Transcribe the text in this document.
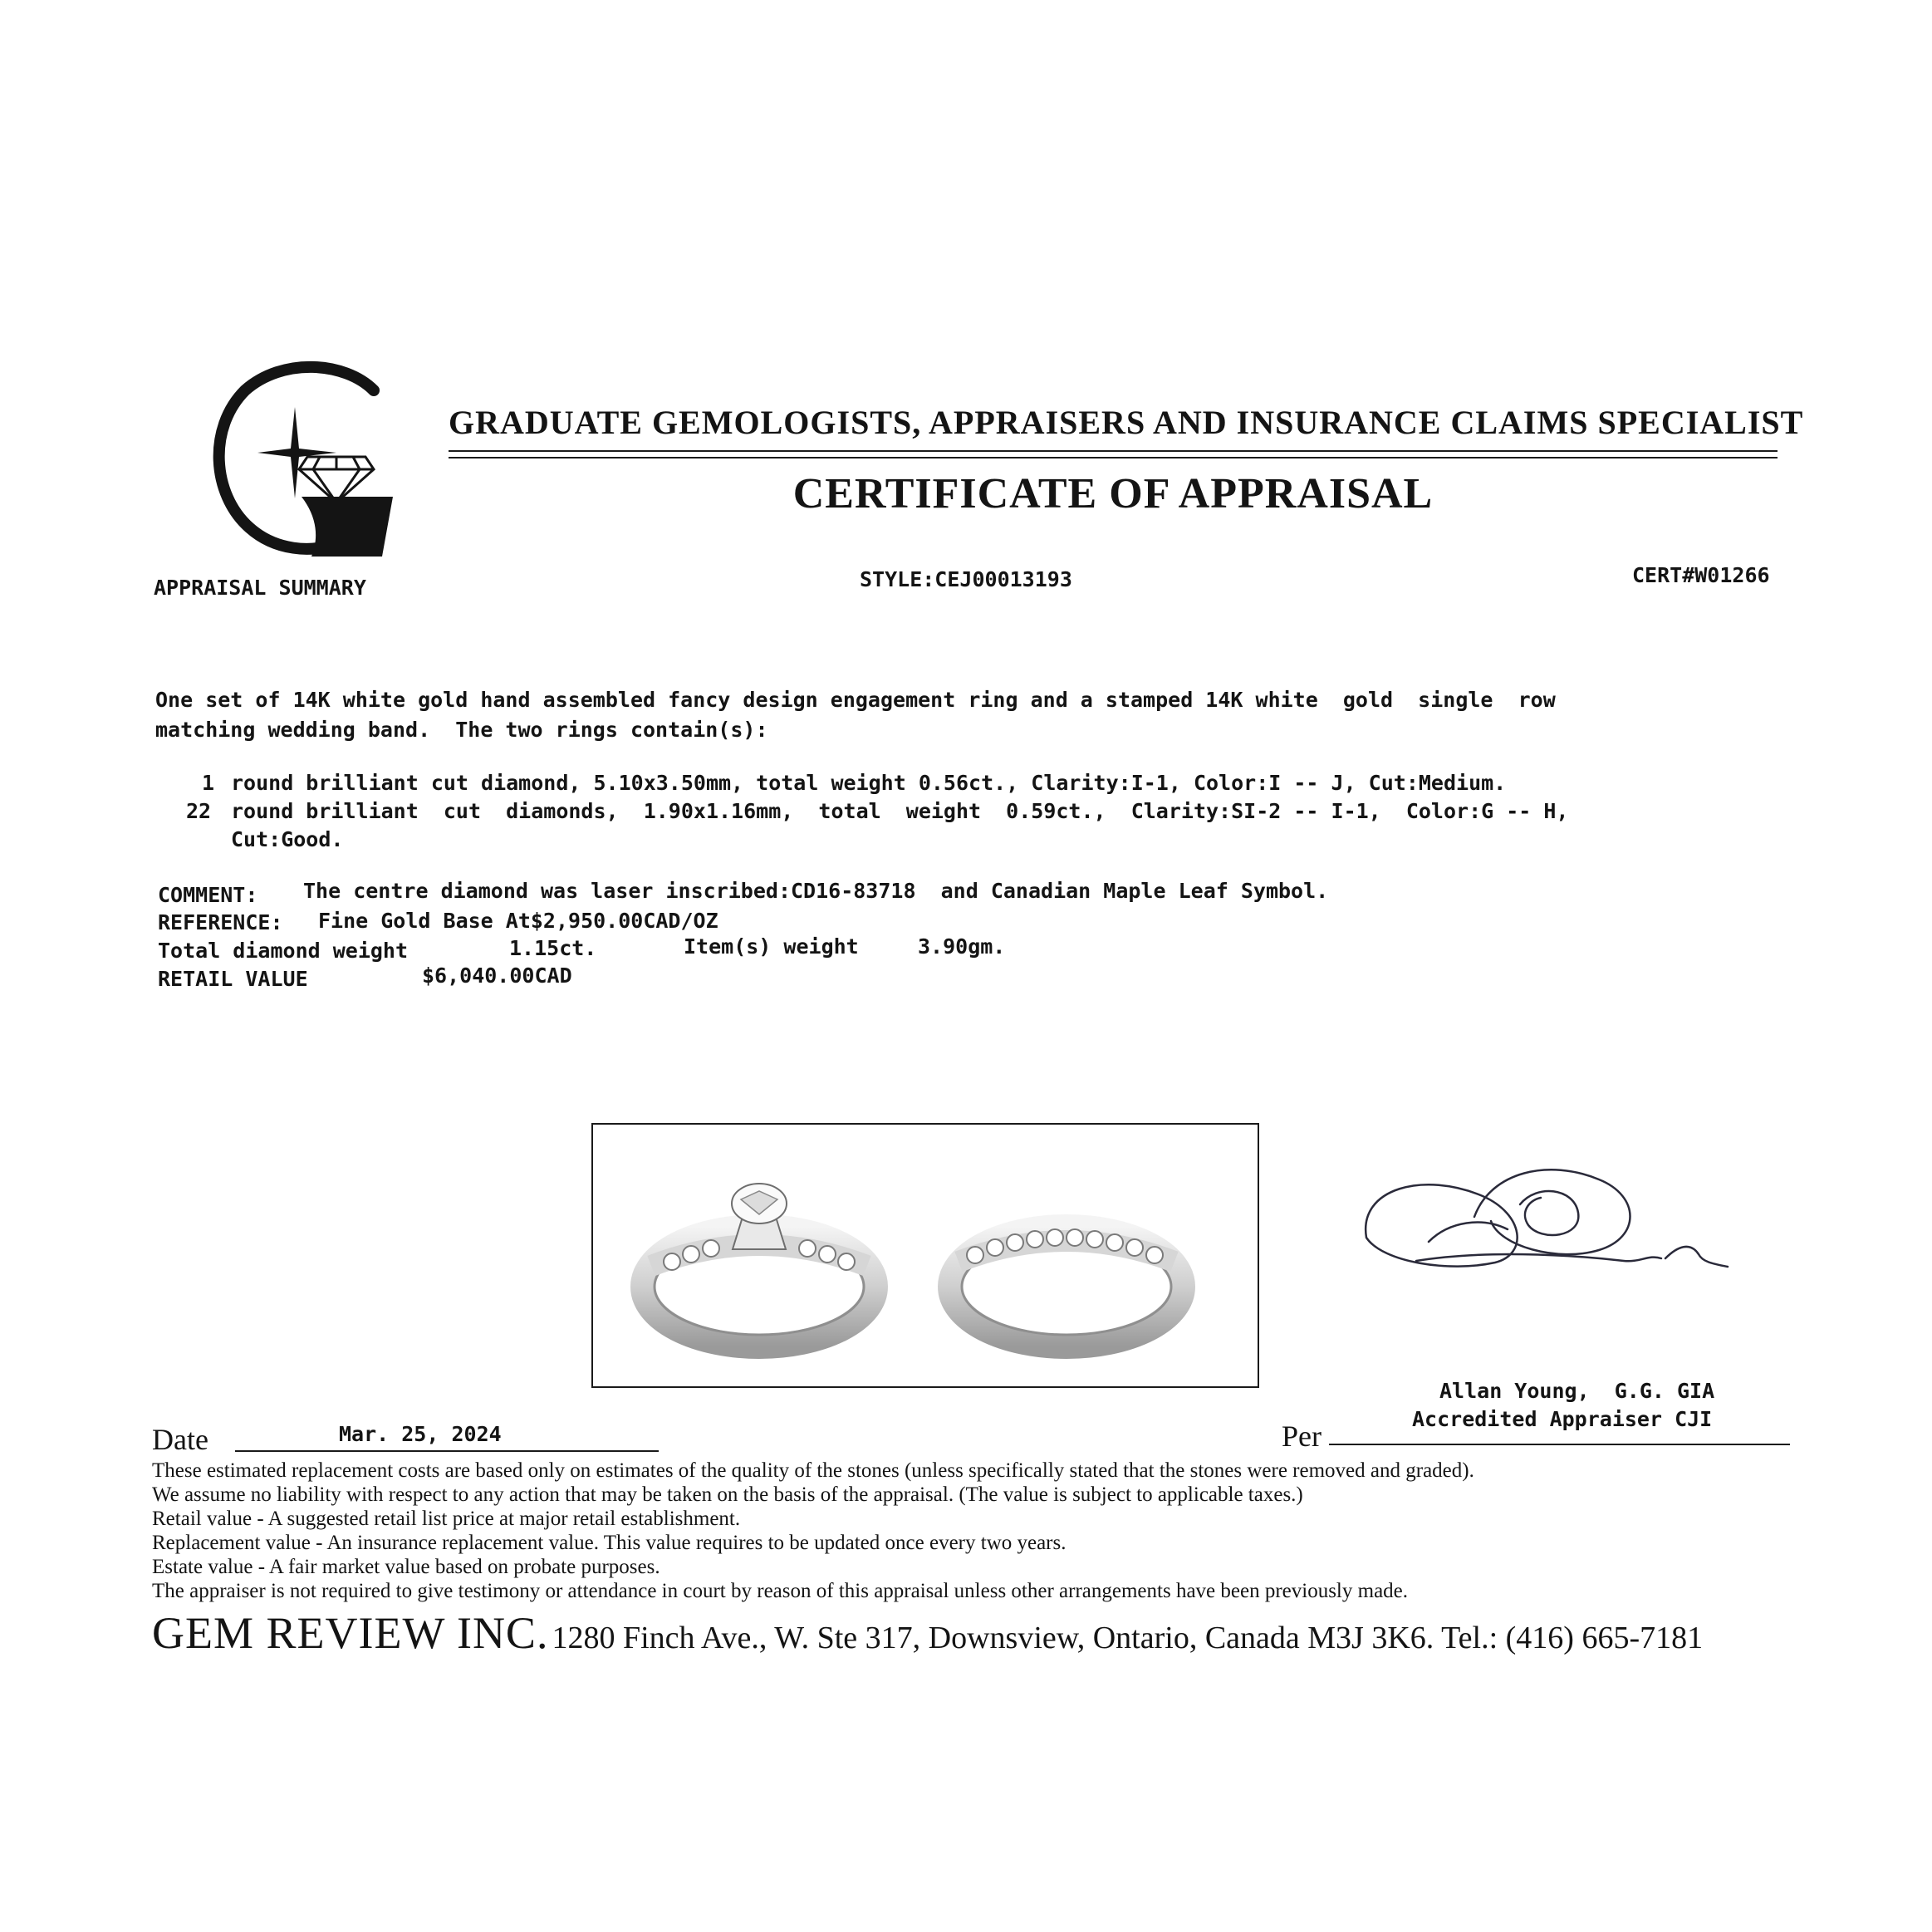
GRADUATE GEMOLOGISTS, APPRAISERS AND INSURANCE CLAIMS SPECIALIST
CERTIFICATE OF APPRAISAL
APPRAISAL SUMMARY	STYLE:CEJ00013193	CERT#W01266
One set of 14K white gold hand assembled fancy design engagement ring and a stamped 14K white  gold  single  row
matching wedding band.  The two rings contain(s):
1 round brilliant cut diamond, 5.10x3.50mm, total weight 0.56ct., Clarity:I-1, Color:I -- J, Cut:Medium.
22 round brilliant  cut  diamonds,  1.90x1.16mm,  total  weight  0.59ct.,  Clarity:SI-2 -- I-1,  Color:G -- H,
Cut:Good.
COMMENT: The centre diamond was laser inscribed:CD16-83718  and Canadian Maple Leaf Symbol.
REFERENCE: Fine Gold Base At$2,950.00CAD/OZ
Total diamond weight	1.15ct.	Item(s) weight	3.90gm.
RETAIL VALUE	$6,040.00CAD
Allan Young,  G.G. GIA
Accredited Appraiser CJI
Date	Mar. 25, 2024	Per
These estimated replacement costs are based only on estimates of the quality of the stones (unless specifically stated that the stones were removed and graded).
We assume no liability with respect to any action that may be taken on the basis of the appraisal. (The value is subject to applicable taxes.)
Retail value - A suggested retail list price at major retail establishment.
Replacement value - An insurance replacement value. This value requires to be updated once every two years.
Estate value - A fair market value based on probate purposes.
The appraiser is not required to give testimony or attendance in court by reason of this appraisal unless other arrangements have been previously made.
GEM REVIEW INC. 1280 Finch Ave., W. Ste 317, Downsview, Ontario, Canada M3J 3K6. Tel.: (416) 665-7181
